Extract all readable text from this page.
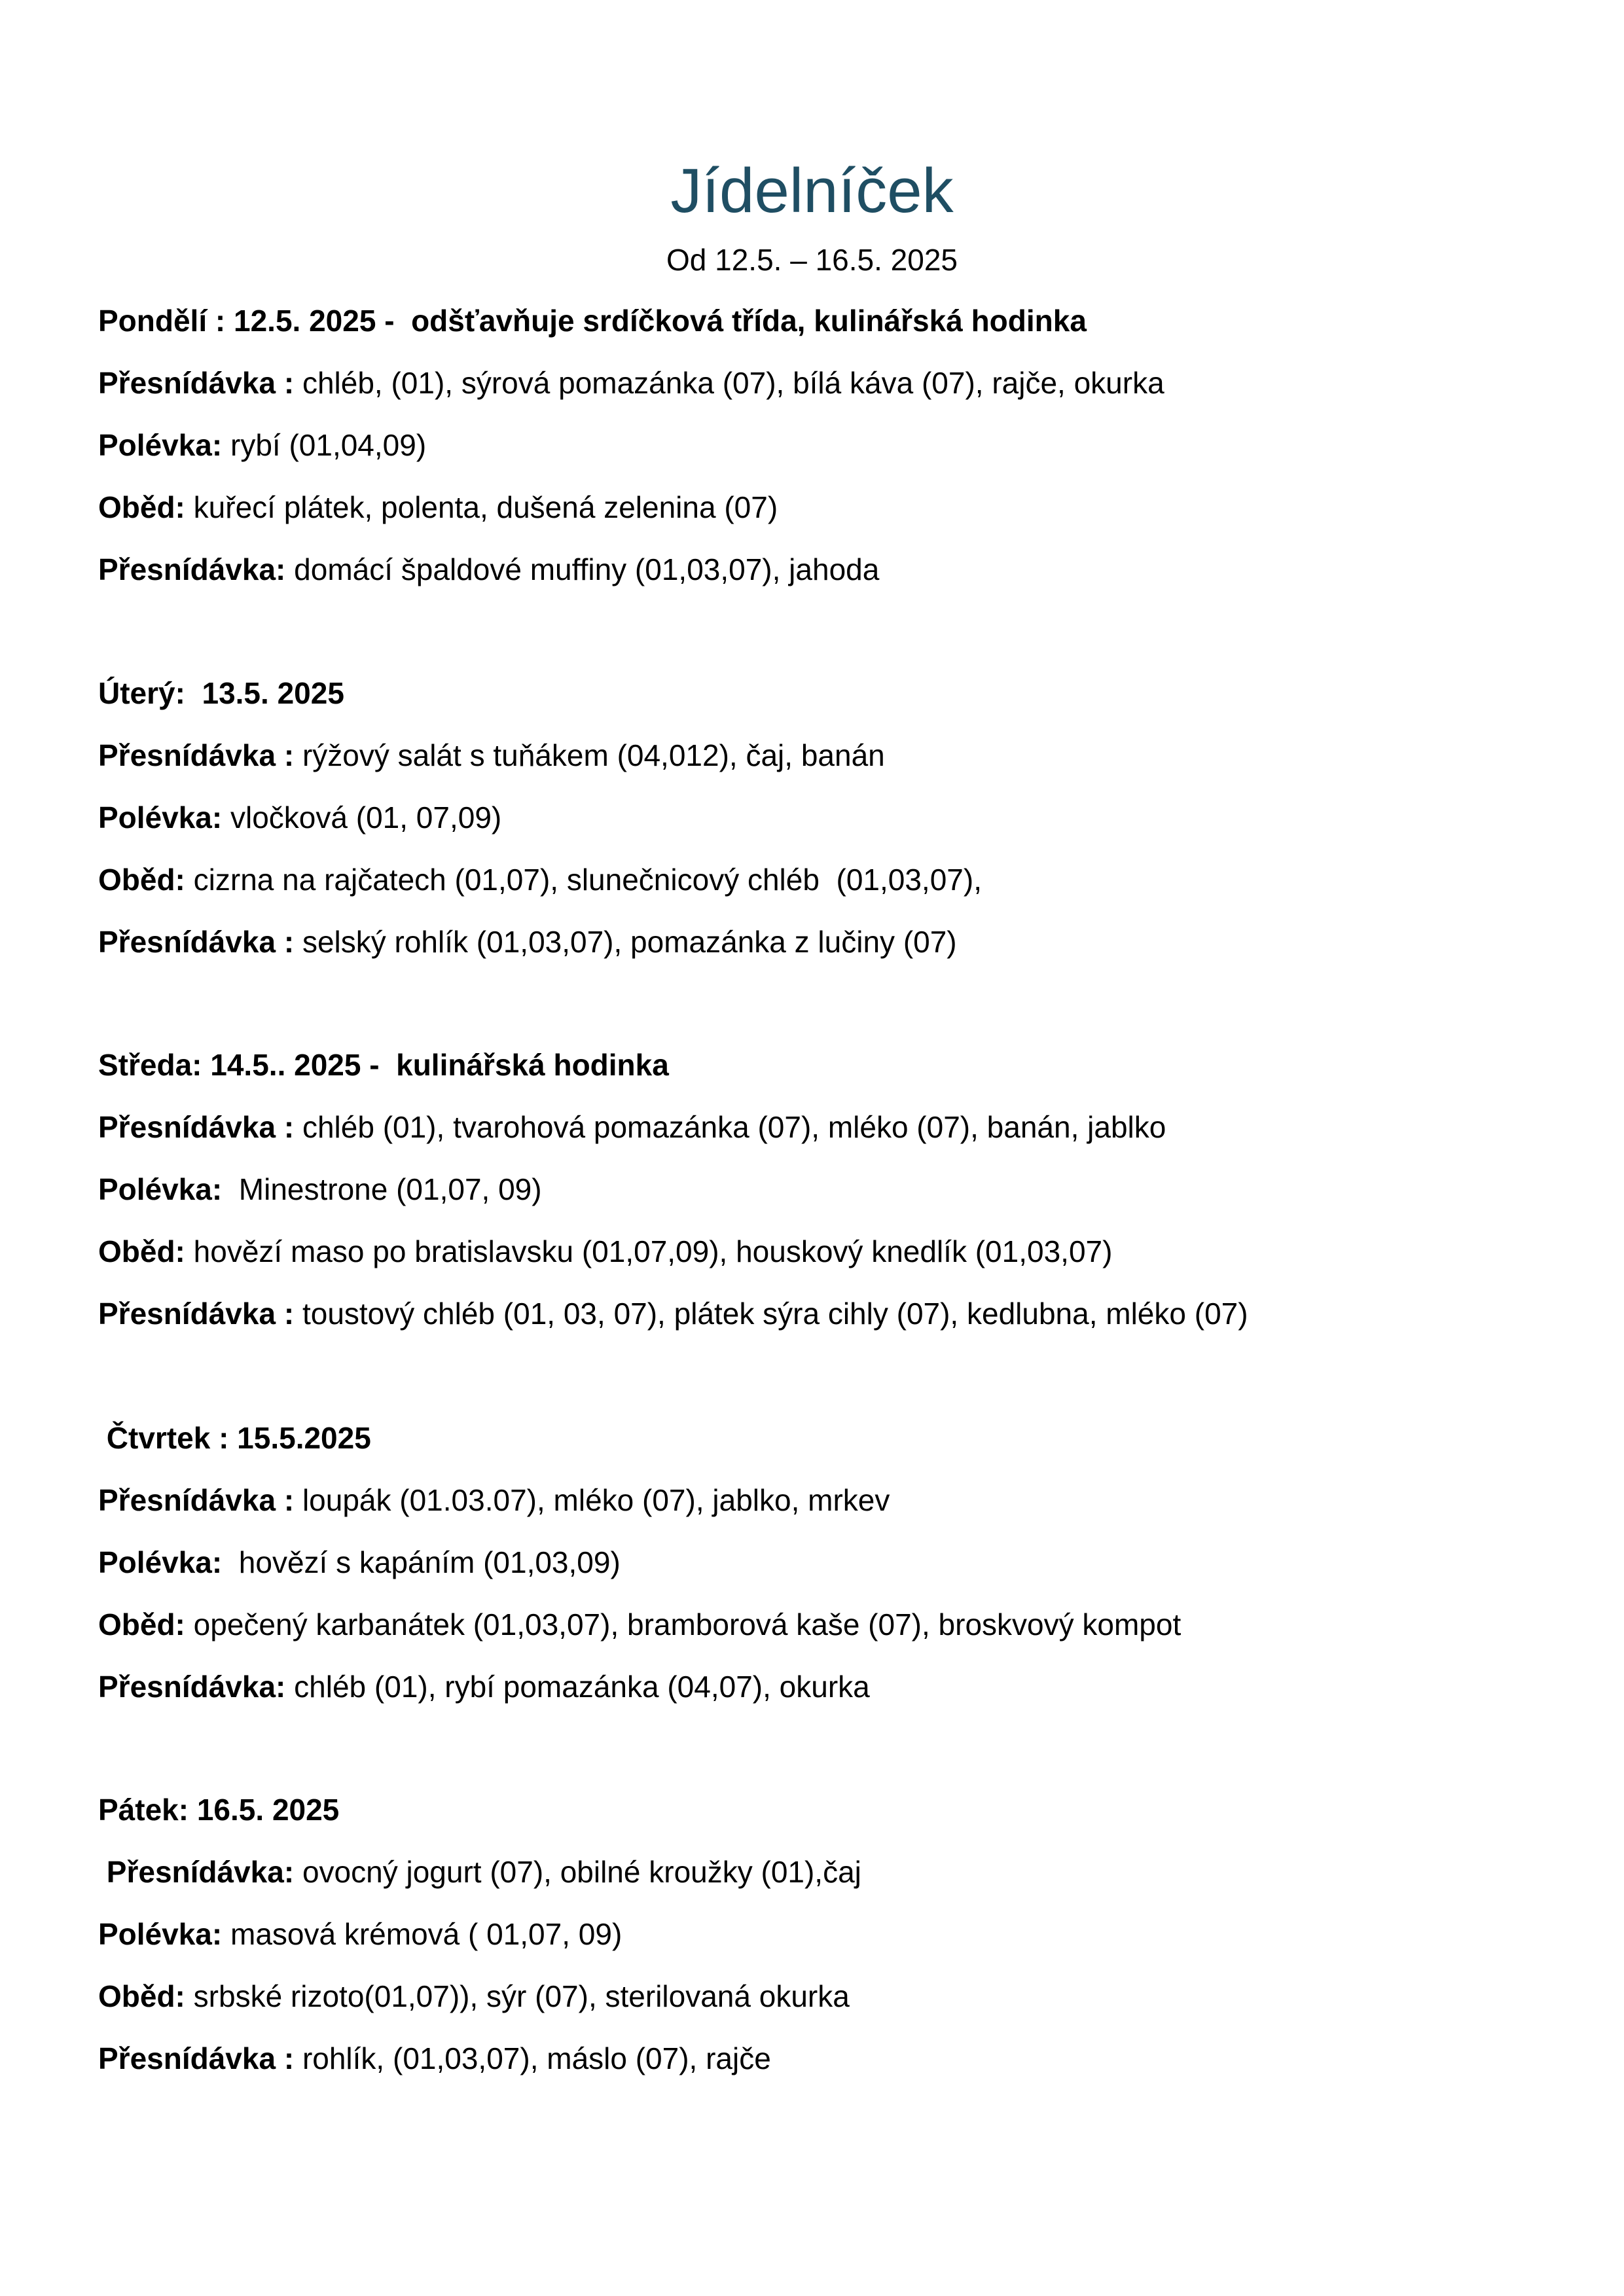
Jídelníček

Od 12.5. – 16.5. 2025

Pondělí : 12.5. 2025 -  odšťavňuje srdíčková třída, kulinářská hodinka
Přesnídávka : chléb, (01), sýrová pomazánka (07), bílá káva (07), rajče, okurka
Polévka: rybí (01,04,09)
Oběd: kuřecí plátek, polenta, dušená zelenina (07)
Přesnídávka: domácí špaldové muffiny (01,03,07), jahoda
Úterý:  13.5. 2025
Přesnídávka : rýžový salát s tuňákem (04,012), čaj, banán
Polévka: vločková (01, 07,09)
Oběd: cizrna na rajčatech (01,07), slunečnicový chléb  (01,03,07),
Přesnídávka : selský rohlík (01,03,07), pomazánka z lučiny (07)
Středa: 14.5.. 2025 -  kulinářská hodinka
Přesnídávka : chléb (01), tvarohová pomazánka (07), mléko (07), banán, jablko
Polévka:  Minestrone (01,07, 09)
Oběd: hovězí maso po bratislavsku (01,07,09), houskový knedlík (01,03,07)
Přesnídávka : toustový chléb (01, 03, 07), plátek sýra cihly (07), kedlubna, mléko (07)
Čtvrtek : 15.5.2025
Přesnídávka : loupák (01.03.07), mléko (07), jablko, mrkev
Polévka:  hovězí s kapáním (01,03,09)
Oběd: opečený karbanátek (01,03,07), bramborová kaše (07), broskvový kompot
Přesnídávka: chléb (01), rybí pomazánka (04,07), okurka
Pátek: 16.5. 2025
Přesnídávka: ovocný jogurt (07), obilné kroužky (01),čaj
Polévka: masová krémová ( 01,07, 09)
Oběd: srbské rizoto(01,07)), sýr (07), sterilovaná okurka
Přesnídávka : rohlík, (01,03,07), máslo (07), rajče
